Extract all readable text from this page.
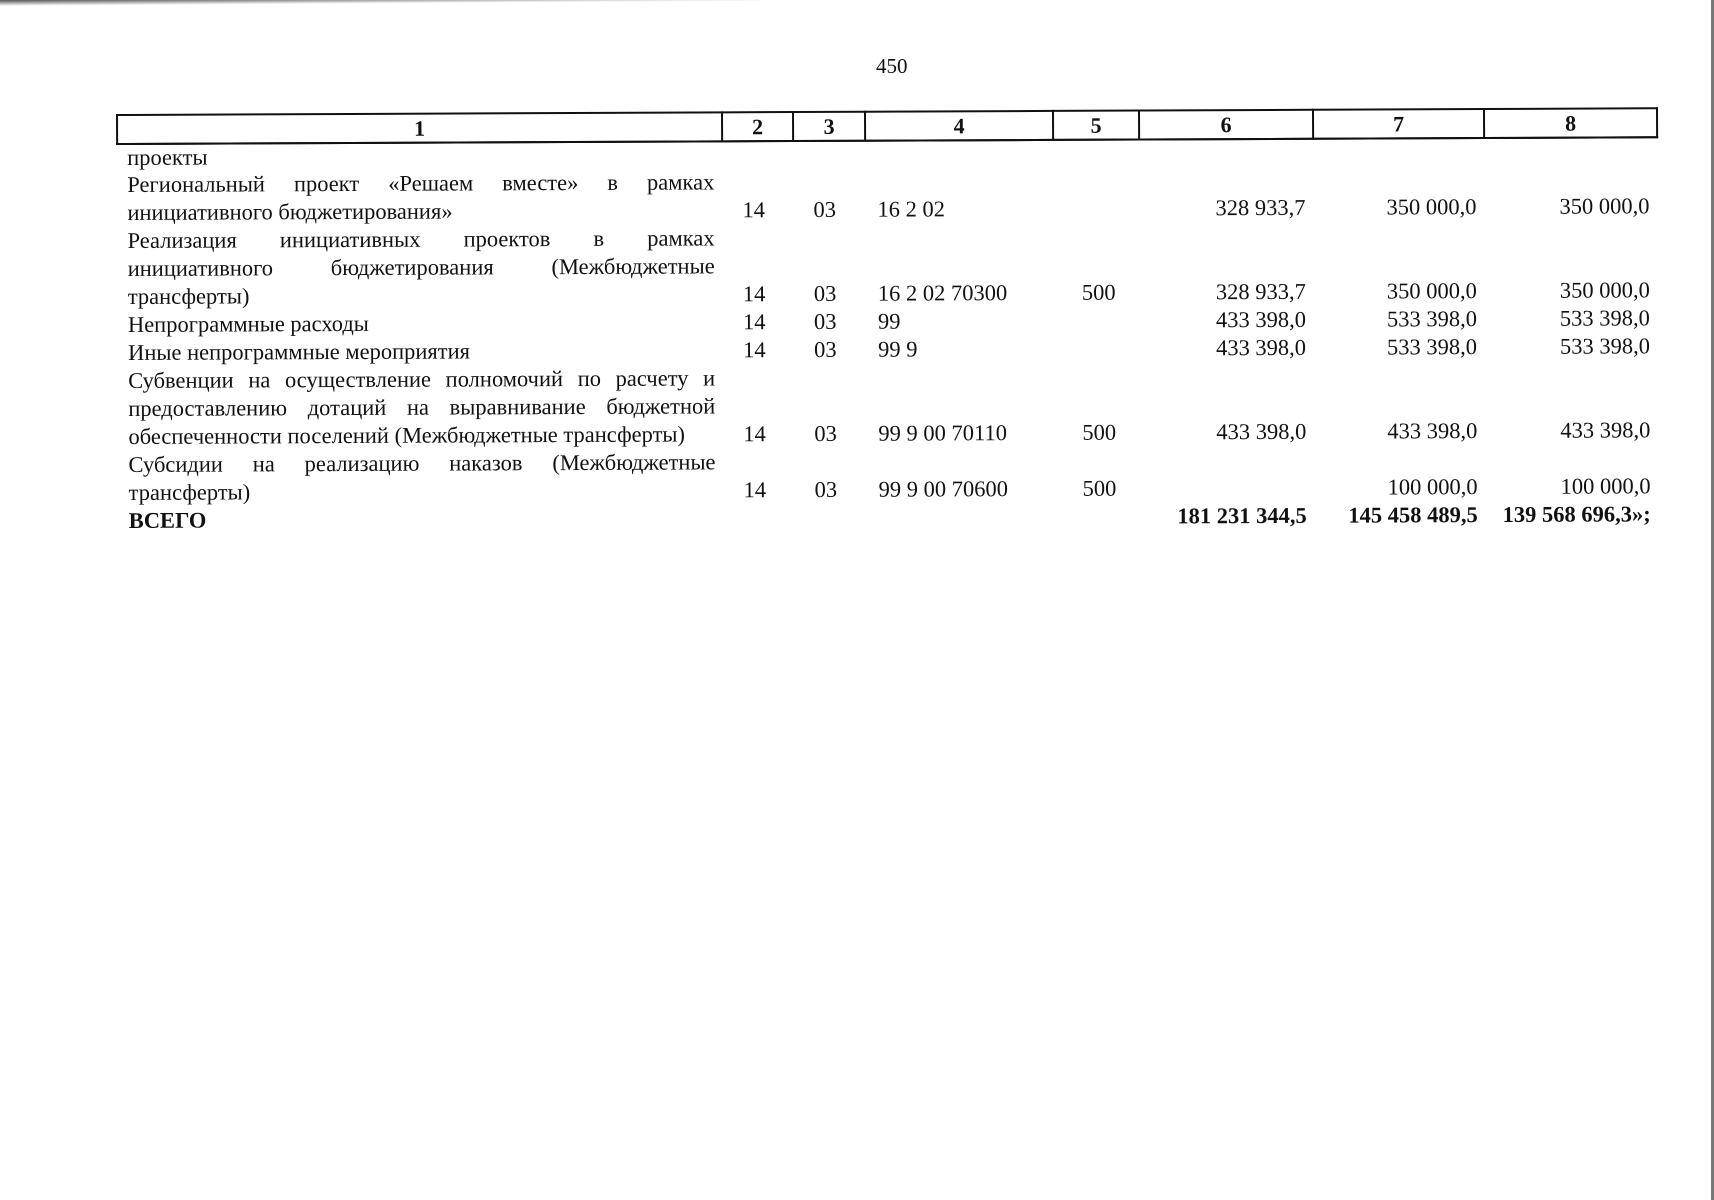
450
1	2	3	4	5	6	7	8
проекты							
Региональный проект «Решаем вместе» в рамках инициативного бюджетирования»	14	03	16 2 02		328 933,7	350 000,0	350 000,0
Реализация инициативных проектов в рамках инициативного бюджетирования (Межбюджетные трансферты)	14	03	16 2 02 70300	500	328 933,7	350 000,0	350 000,0
Непрограммные расходы	14	03	99		433 398,0	533 398,0	533 398,0
Иные непрограммные мероприятия	14	03	99 9		433 398,0	533 398,0	533 398,0
Субвенции на осуществление полномочий по расчету и предоставлению дотаций на выравнивание бюджетной обеспеченности поселений (Межбюджетные трансферты)	14	03	99 9 00 70110	500	433 398,0	433 398,0	433 398,0
Субсидии на реализацию наказов (Межбюджетные трансферты)	14	03	99 9 00 70600	500		100 000,0	100 000,0
ВСЕГО					181 231 344,5	145 458 489,5	139 568 696,3»;
